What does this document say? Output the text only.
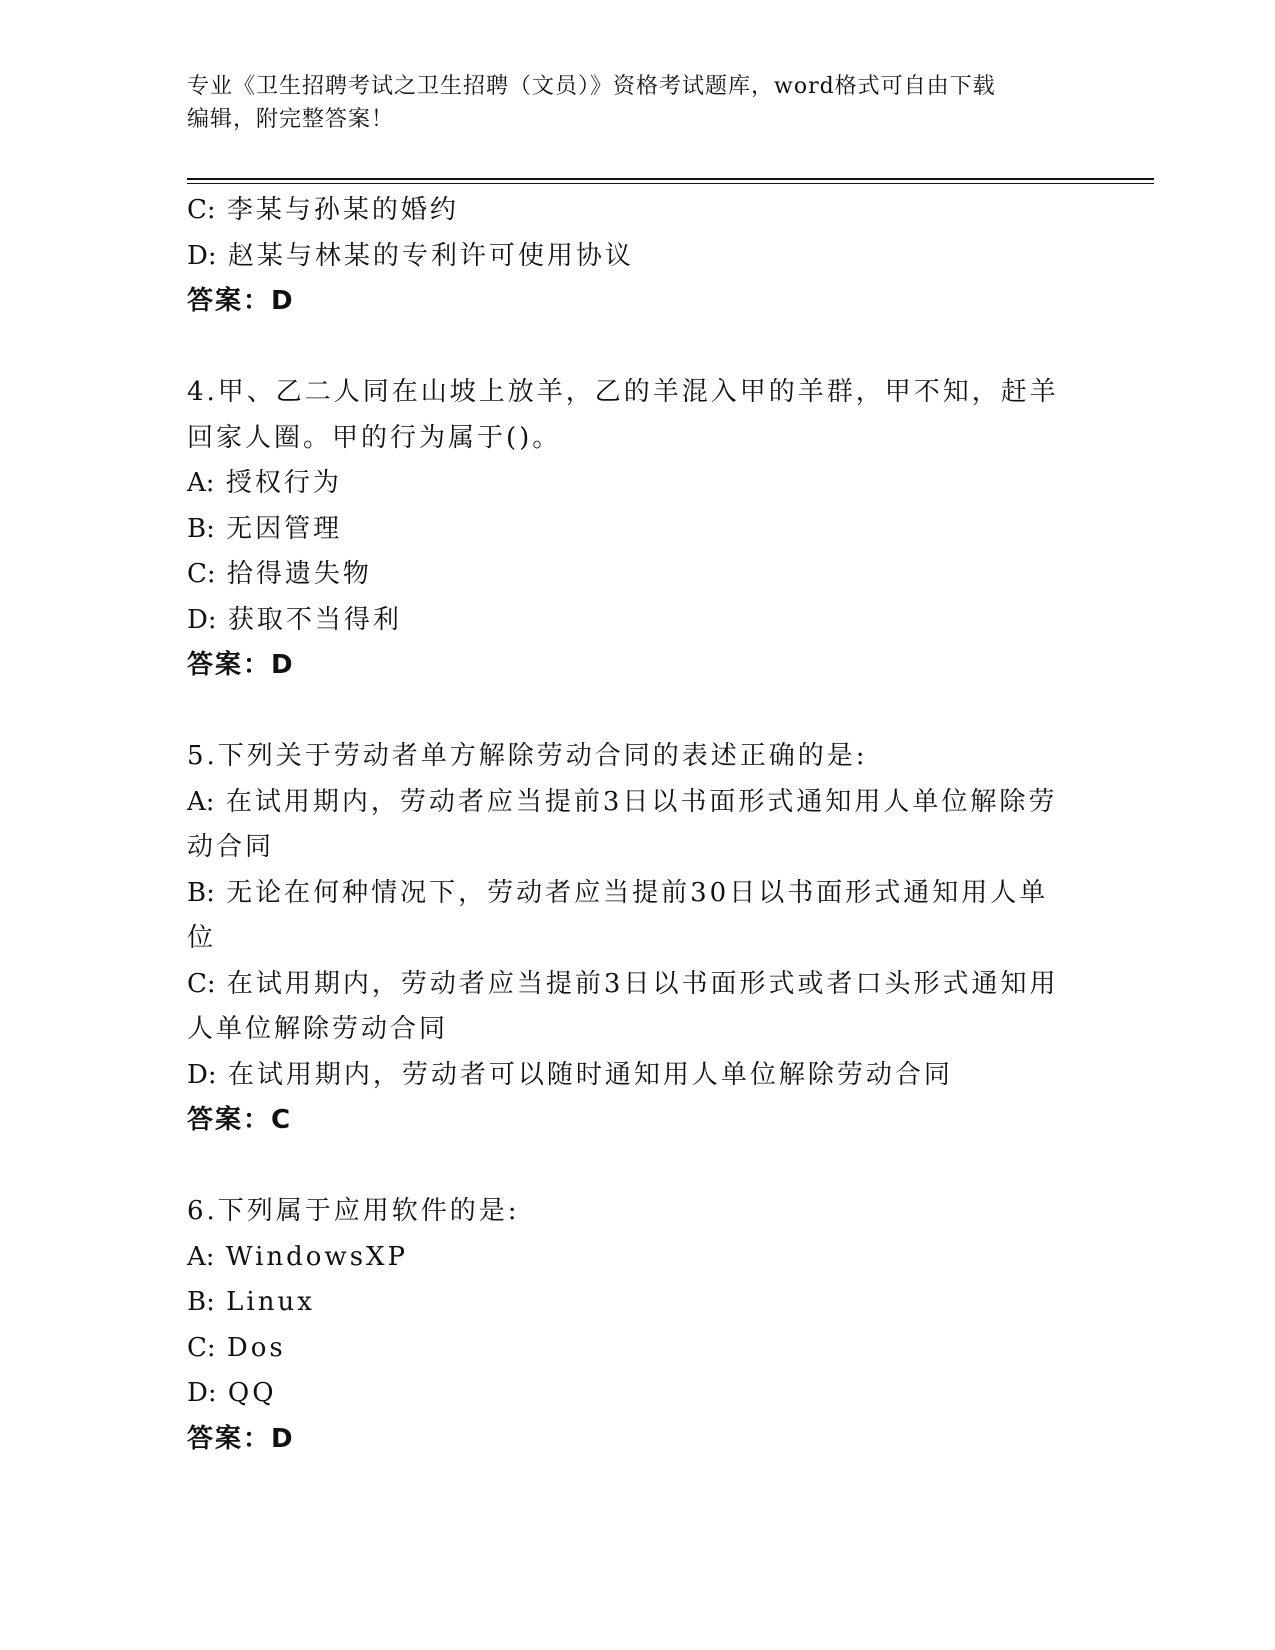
专业《卫生招聘考试之卫生招聘（文员）》资格考试题库，word格式可自由下载
编辑，附完整答案！
C: 李某与孙某的婚约
D: 赵某与林某的专利许可使用协议
答案：D
4.甲、乙二人同在山坡上放羊，乙的羊混入甲的羊群，甲不知，赶羊
回家人圈。甲的行为属于()。
A: 授权行为
B: 无因管理
C: 拾得遗失物
D: 获取不当得利
答案：D
5.下列关于劳动者单方解除劳动合同的表述正确的是:
A: 在试用期内，劳动者应当提前3日以书面形式通知用人单位解除劳
动合同
B: 无论在何种情况下，劳动者应当提前30日以书面形式通知用人单
位
C: 在试用期内，劳动者应当提前3日以书面形式或者口头形式通知用
人单位解除劳动合同
D: 在试用期内，劳动者可以随时通知用人单位解除劳动合同
答案：C
6.下列属于应用软件的是:
A: WindowsXP
B: Linux
C: Dos
D: QQ
答案：D
